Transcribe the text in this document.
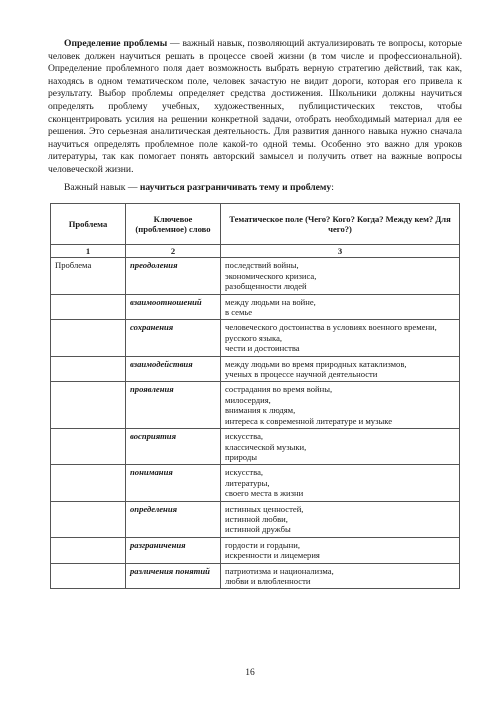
Определение проблемы — важный навык, позволяющий актуализировать те вопросы, которые человек должен научиться решать в процессе своей жизни (в том числе и профессиональной). Определение проблемного поля дает возможность выбрать верную стратегию действий, так как, находясь в одном тематическом поле, человек зачастую не видит дороги, которая его привела к результату. Выбор проблемы определяет средства достижения. Школьники должны научиться определять проблему учебных, художественных, публицистических текстов, чтобы сконцентрировать усилия на решении конкретной задачи, отобрать необходимый материал для ее решения. Это серьезная аналитическая деятельность. Для развития данного навыка нужно сначала научиться определять проблемное поле какой-то одной темы. Особенно это важно для уроков литературы, так как помогает понять авторский замысел и получить ответ на важные вопросы человеческой жизни.

Важный навык — научиться разграничивать тему и проблему:

Проблема	Ключевое (проблемное) слово	Тематическое поле (Чего? Кого? Когда? Между кем? Для чего?)
1	2	3
Проблема	преодоления	последствий войны,
экономического кризиса,
разобщенности людей

	взаимоотношений	между людьми на войне,
в семье

	сохранения	человеческого достоинства в условиях военного времени,
русского языка,
чести и достоинства

	взаимодействия	между людьми во время природных катаклизмов,
ученых в процессе научной деятельности

	проявления	сострадания во время войны,
милосердия,
внимания к людям,
интереса к современной литературе и музыке

	восприятия	искусства,
классической музыки,
природы

	понимания	искусства,
литературы,
своего места в жизни

	определения	истинных ценностей,
истинной любви,
истинной дружбы

	разграничения	гордости и гордыни,
искренности и лицемерия

	различения понятий	патриотизма и национализма,
любви и влюбленности
16
